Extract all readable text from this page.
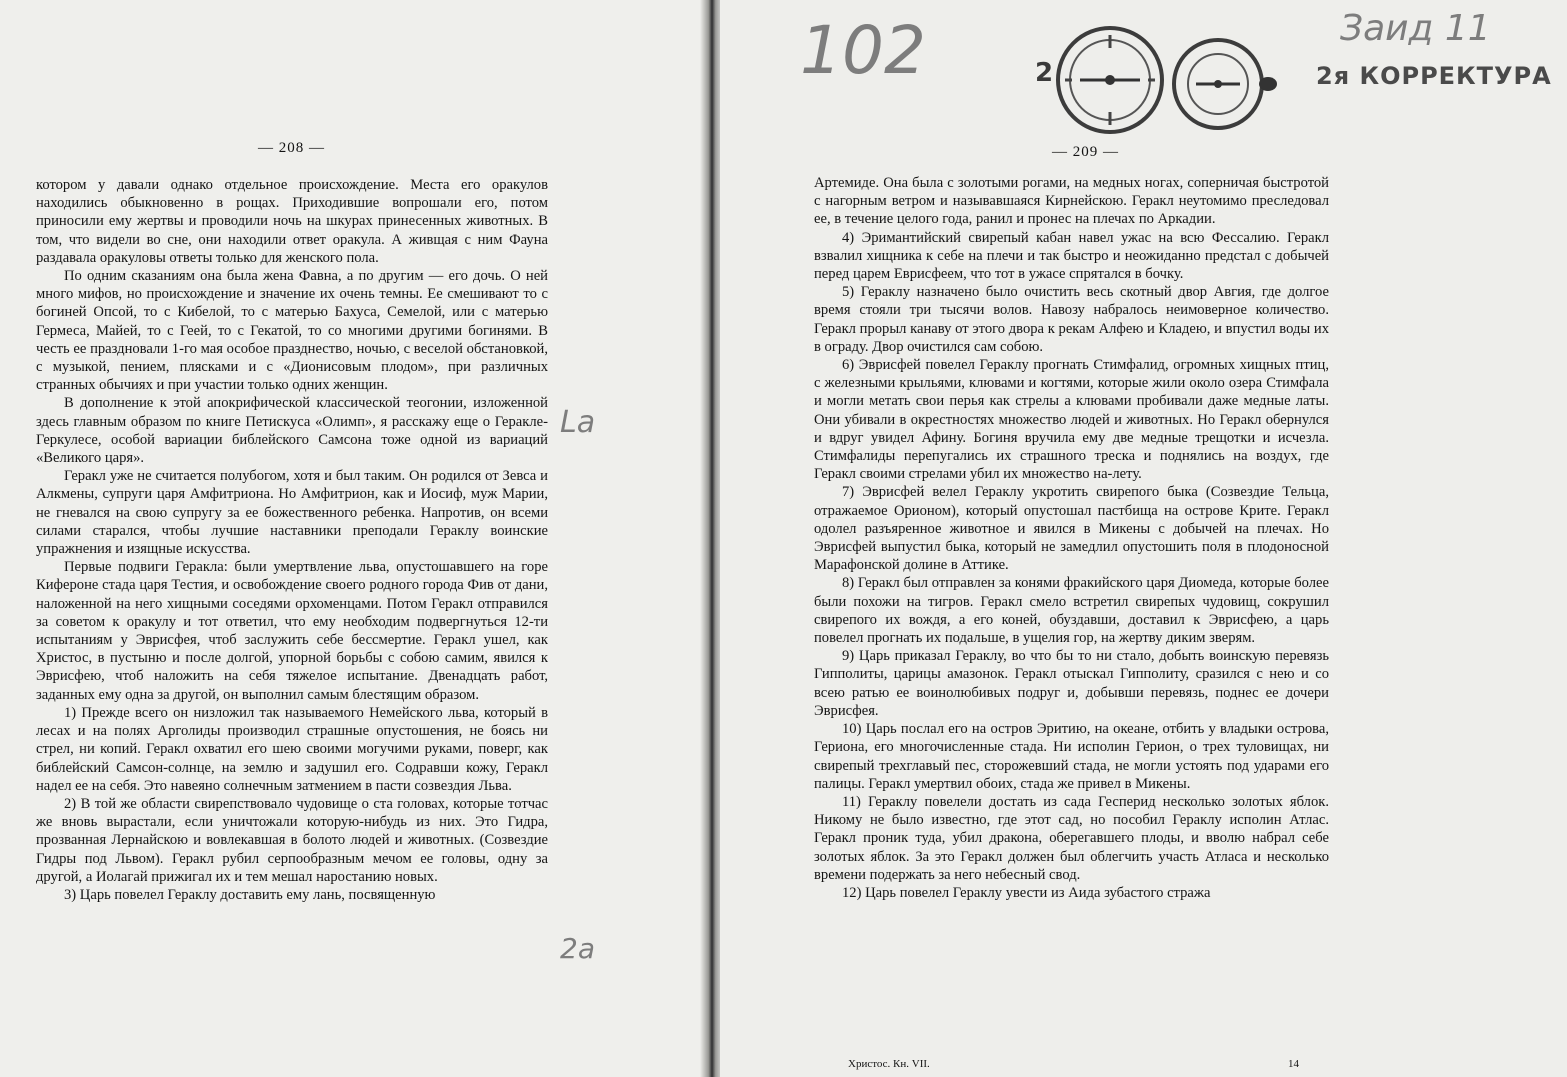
— 208 —

котором у давали однако отдельное происхождение. Места его оракулов находились обыкновенно в рощах. Приходившие вопрошали его, потом приносили ему жертвы и проводили ночь на шкурах принесенных животных. В том, что видели во сне, они находили ответ оракула. А живщая с ним Фауна раздавала оракуловы ответы только для женского пола.

По одним сказаниям она была жена Фавна, а по другим — его дочь. О ней много мифов, но происхождение и значение их очень темны. Ее смешивают то с богиней Опсой, то с Кибелой, то с матерью Бахуса, Семелой, или с матерью Гермеса, Майей, то с Геей, то с Гекатой, то со многими другими богинями. В честь ее праздновали 1-го мая особое празднество, ночью, с веселой обстановкой, с музыкой, пением, плясками и с «Дионисовым плодом», при различных странных обычиях и при участии только одних женщин.

В дополнение к этой апокрифической классической теогонии, изложенной здесь главным образом по книге Петискуса «Олимп», я расскажу еще о Геракле-Геркулесе, особой вариации библейского Самсона тоже одной из вариаций «Великого царя».

Геракл уже не считается полубогом, хотя и был таким. Он родился от Зевса и Алкмены, супруги царя Амфитриона. Но Амфитрион, как и Иосиф, муж Марии, не гневался на свою супругу за ее божественного ребенка. Напротив, он всеми силами старался, чтобы лучшие наставники преподали Гераклу воинские упражнения и изящные искусства.

Первые подвиги Геракла: были умертвление льва, опустошавшего на горе Кифероне стада царя Тестия, и освобождение своего родного города Фив от дани, наложенной на него хищными соседями орхоменцами. Потом Геракл отправился за советом к оракулу и тот ответил, что ему необходим подвергнуться 12-ти испытаниям у Эврисфея, чтоб заслужить себе бессмертие. Геракл ушел, как Христос, в пустыню и после долгой, упорной борьбы с собою самим, явился к Эврисфею, чтоб наложить на себя тяжелое испытание. Двенадцать работ, заданных ему одна за другой, он выполнил самым блестящим образом.

1) Прежде всего он низложил так называемого Немейского льва, который в лесах и на полях Арголиды производил страшные опустошения, не боясь ни стрел, ни копий. Геракл охватил его шею своими могучими руками, поверг, как библейский Самсон-солнце, на землю и задушил его. Содравши кожу, Геракл надел ее на себя. Это навеяно солнечным затмением в пасти созвездия Льва.

2) В той же области свирепствовало чудовище о ста головах, которые тотчас же вновь вырастали, если уничтожали которую-нибудь из них. Это Гидра, прозванная Лернайскою и вовлекавшая в болото людей и животных. (Созвездие Гидры под Львом). Геракл рубил серпообразным мечом ее головы, одну за другой, а Иолагай прижигал их и тем мешал наростанию новых.

3) Царь повелел Гераклу доставить ему лань, посвященную

La
2a
102	2	2я КОРРЕКТУРА
Заид 11
— 209 —

Артемиде. Она была с золотыми рогами, на медных ногах, соперничая быстротой с нагорным ветром и называвшаяся Кирнейскою. Геракл неутомимо преследовал ее, в течение целого года, ранил и пронес на плечах по Аркадии.

4) Эримантийский свирепый кабан навел ужас на всю Фессалию. Геракл взвалил хищника к себе на плечи и так быстро и неожиданно предстал с добычей перед царем Еврисфеем, что тот в ужасе спрятался в бочку.

5) Гераклу назначено было очистить весь скотный двор Авгия, где долгое время стояли три тысячи волов. Навозу набралось неимоверное количество. Геракл прорыл канаву от этого двора к рекам Алфею и Кладею, и впустил воды их в ограду. Двор очистился сам собою.

6) Эврисфей повелел Гераклу прогнать Стимфалид, огромных хищных птиц, с железными крыльями, клювами и когтями, которые жили около озера Стимфала и могли метать свои перья как стрелы а клювами пробивали даже медные латы. Они убивали в окрестностях множество людей и животных. Но Геракл обернулся и вдруг увидел Афину. Богиня вручила ему две медные трещотки и исчезла. Стимфалиды перепугались их страшного треска и поднялись на воздух, где Геракл своими стрелами убил их множество на-лету.

7) Эврисфей велел Гераклу укротить свирепого быка (Созвездие Тельца, отражаемое Орионом), который опустошал пастбища на острове Крите. Геракл одолел разъяренное животное и явился в Микены с добычей на плечах. Но Эврисфей выпустил быка, который не замедлил опустошить поля в плодоносной Марафонской долине в Аттике.

8) Геракл был отправлен за конями фракийского царя Диомеда, которые более были похожи на тигров. Геракл смело встретил свирепых чудовищ, сокрушил свирепого их вождя, а его коней, обуздавши, доставил к Эврисфею, а царь повелел прогнать их подальше, в ущелия гор, на жертву диким зверям.

9) Царь приказал Гераклу, во что бы то ни стало, добыть воинскую перевязь Гипполиты, царицы амазонок. Геракл отыскал Гипполиту, сразился с нею и со всею ратью ее воинолюбивых подруг и, добывши перевязь, поднес ее дочери Эврисфея.

10) Царь послал его на остров Эритию, на океане, отбить у владыки острова, Гериона, его многочисленные стада. Ни исполин Герион, о трех туловищах, ни свирепый трехглавый пес, сторожевший стада, не могли устоять под ударами его палицы. Геракл умертвил обоих, стада же привел в Микены.

11) Гераклу повелели достать из сада Гесперид несколько золотых яблок. Никому не было известно, где этот сад, но пособил Гераклу исполин Атлас. Геракл проник туда, убил дракона, оберегавшего плоды, и вволю набрал себе золотых яблок. За это Геракл должен был облегчить участь Атласа и несколько времени подержать за него небесный свод.

12) Царь повелел Гераклу увести из Аида зубастого стража

Христос. Кн. VII.	14
